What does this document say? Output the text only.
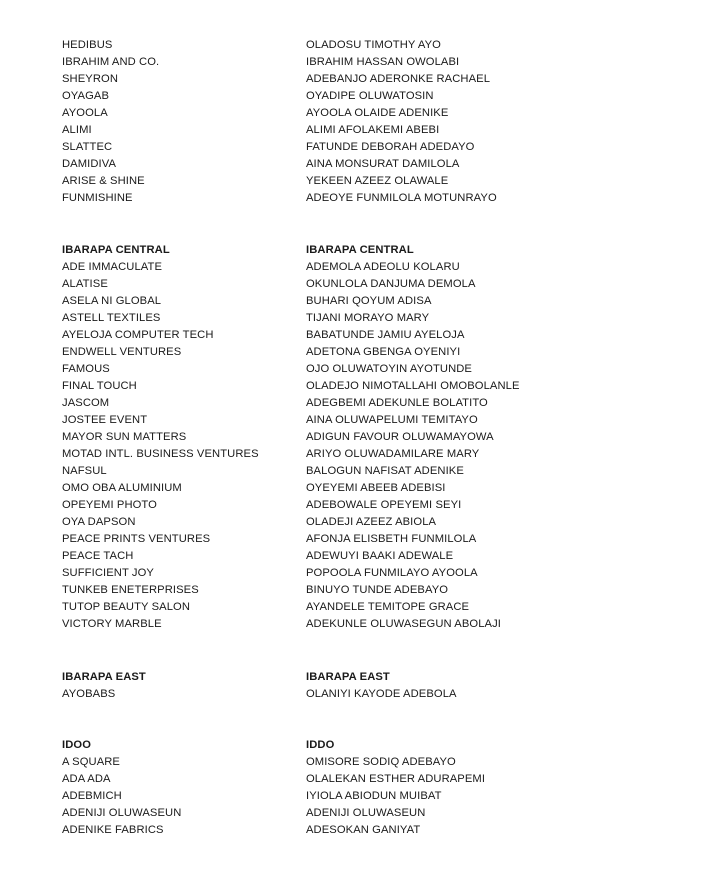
HEDIBUS	OLADOSU TIMOTHY AYO
IBRAHIM AND CO.	IBRAHIM HASSAN OWOLABI
SHEYRON	ADEBANJO ADERONKE RACHAEL
OYAGAB	OYADIPE OLUWATOSIN
AYOOLA	AYOOLA OLAIDE ADENIKE
ALIMI	ALIMI AFOLAKEMI ABEBI
SLATTEC	FATUNDE DEBORAH ADEDAYO
DAMIDIVA	AINA MONSURAT DAMILOLA
ARISE & SHINE	YEKEEN AZEEZ OLAWALE
FUNMISHINE	ADEOYE FUNMILOLA MOTUNRAYO
IBARAPA CENTRAL	IBARAPA CENTRAL
ADE IMMACULATE	ADEMOLA ADEOLU KOLARU
ALATISE	OKUNLOLA DANJUMA DEMOLA
ASELA NI GLOBAL	BUHARI QOYUM ADISA
ASTELL TEXTILES	TIJANI MORAYO MARY
AYELOJA COMPUTER TECH	BABATUNDE JAMIU AYELOJA
ENDWELL VENTURES	ADETONA GBENGA OYENIYI
FAMOUS	OJO OLUWATOYIN AYOTUNDE
FINAL TOUCH	OLADEJO NIMOTALLAHI OMOBOLANLE
JASCOM	ADEGBEMI ADEKUNLE BOLATITO
JOSTEE EVENT	AINA OLUWAPELUMI TEMITAYO
MAYOR SUN MATTERS	ADIGUN FAVOUR OLUWAMAYOWA
MOTAD INTL. BUSINESS VENTURES	ARIYO OLUWADAMILARE MARY
NAFSUL	BALOGUN NAFISAT ADENIKE
OMO OBA ALUMINIUM	OYEYEMI ABEEB ADEBISI
OPEYEMI PHOTO	ADEBOWALE OPEYEMI SEYI
OYA DAPSON	OLADEJI AZEEZ ABIOLA
PEACE PRINTS VENTURES	AFONJA ELISBETH FUNMILOLA
PEACE TACH	ADEWUYI BAAKI ADEWALE
SUFFICIENT JOY	POPOOLA FUNMILAYO AYOOLA
TUNKEB ENETERPRISES	BINUYO TUNDE ADEBAYO
TUTOP BEAUTY SALON	AYANDELE TEMITOPE GRACE
VICTORY MARBLE	ADEKUNLE OLUWASEGUN ABOLAJI
IBARAPA EAST	IBARAPA EAST
AYOBABS	OLANIYI KAYODE ADEBOLA
IDOO	IDDO
A SQUARE	OMISORE SODIQ ADEBAYO
ADA ADA	OLALEKAN ESTHER ADURAPEMI
ADEBMICH	IYIOLA ABIODUN MUIBAT
ADENIJI OLUWASEUN	ADENIJI OLUWASEUN
ADENIKE FABRICS	ADESOKAN GANIYAT
